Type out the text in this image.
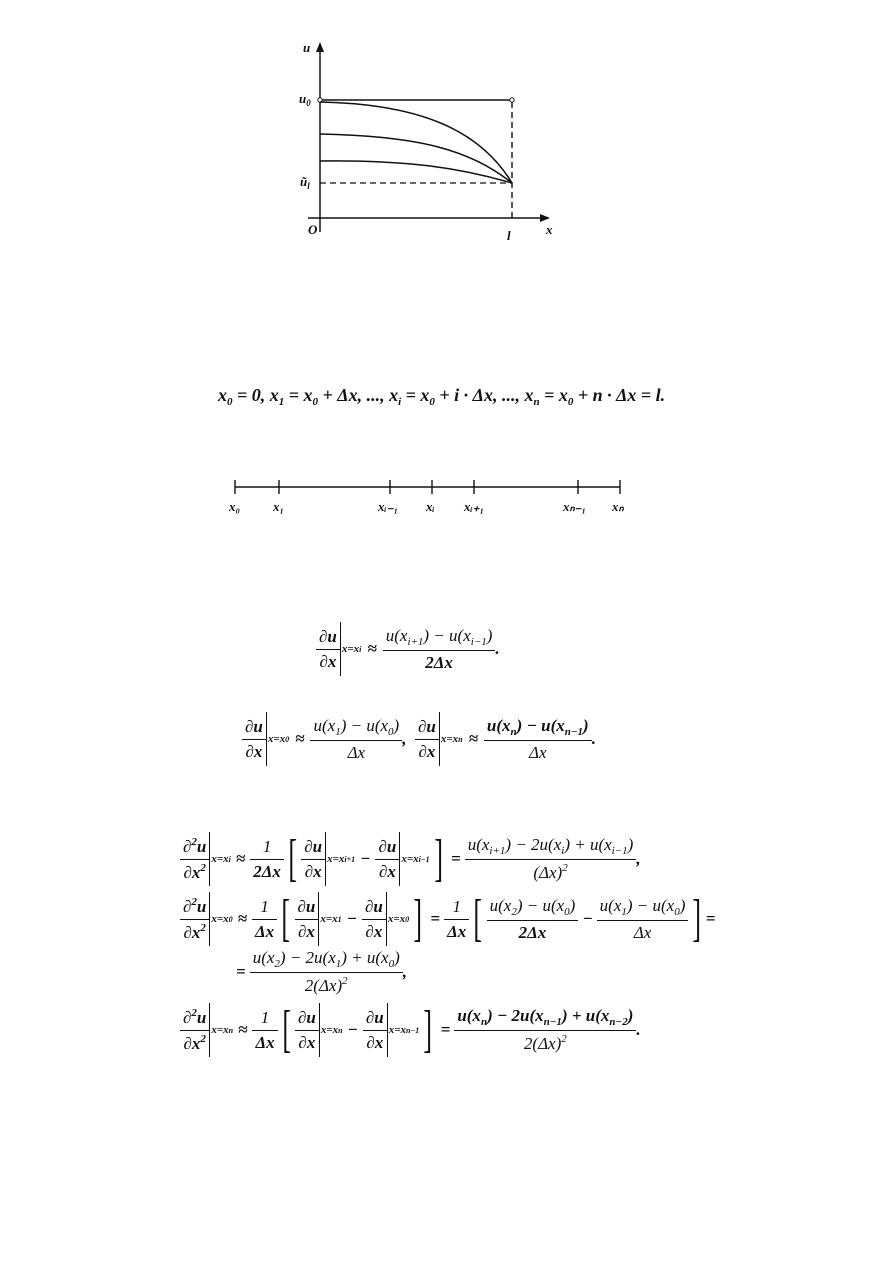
u
x
O	l
$u_0$
$ũ_l$
$x_0 = 0$, $x_1 = x_0 + \Delta x$, ..., $x_i = x_0 + i \cdot \Delta x$, ..., $x_n = x_0 + n \cdot \Delta x = l$.
x₀	x₁	xᵢ₋₁ xᵢ xᵢ₊₁	xₙ₋₁ xₙ
$\frac{\partial u}{\partial x} x=xi \approx \frac{u(x_{i+1}) - u(x_{i-1})}{2\Delta x}$ .
$\frac{\partial u}{\partial x} x=x0 \approx \frac{u(x_1) - u(x_0)}{\Delta x}$ , $\frac{\partial u}{\partial x} x=xn \approx \frac{u(x_n) - u(x_{n-1})}{\Delta x}$ .
$\frac{\partial^2u}{\partial x^2} x=xi \approx \frac{1}{2\Delta x}$ [ $\frac{\partial u}{\partial x} x=xi+1 - \frac{\partial u}{\partial x} x=xi-1$ ] = $\frac{u(x_{i+1}) - 2u(x_i) + u(x_{i-1})}{(\Delta x)^2}$ ,
$\frac{\partial^2u}{\partial x^2} x=x0 \approx \frac{1}{\Delta x}$ [ $\frac{\partial u}{\partial x} x=x1 - \frac{\partial u}{\partial x} x=x0$ ] = $\frac{1}{\Delta x}$ [ $\frac{u(x_2) - u(x_0)}{2\Delta x} - \frac{u(x_1) - u(x_0)}{\Delta x}$ ] =
= $\frac{u(x_2) - 2u(x_1) + u(x_0)}{2(\Delta x)^2}$ ,
$\frac{\partial^2u}{\partial x^2} x=xn \approx \frac{1}{\Delta x}$ [ $\frac{\partial u}{\partial x} x=xn - \frac{\partial u}{\partial x} x=xn-1$ ] = $\frac{u(x_n) - 2u(x_{n-1}) + u(x_{n-2})}{2(\Delta x)^2}$ .
